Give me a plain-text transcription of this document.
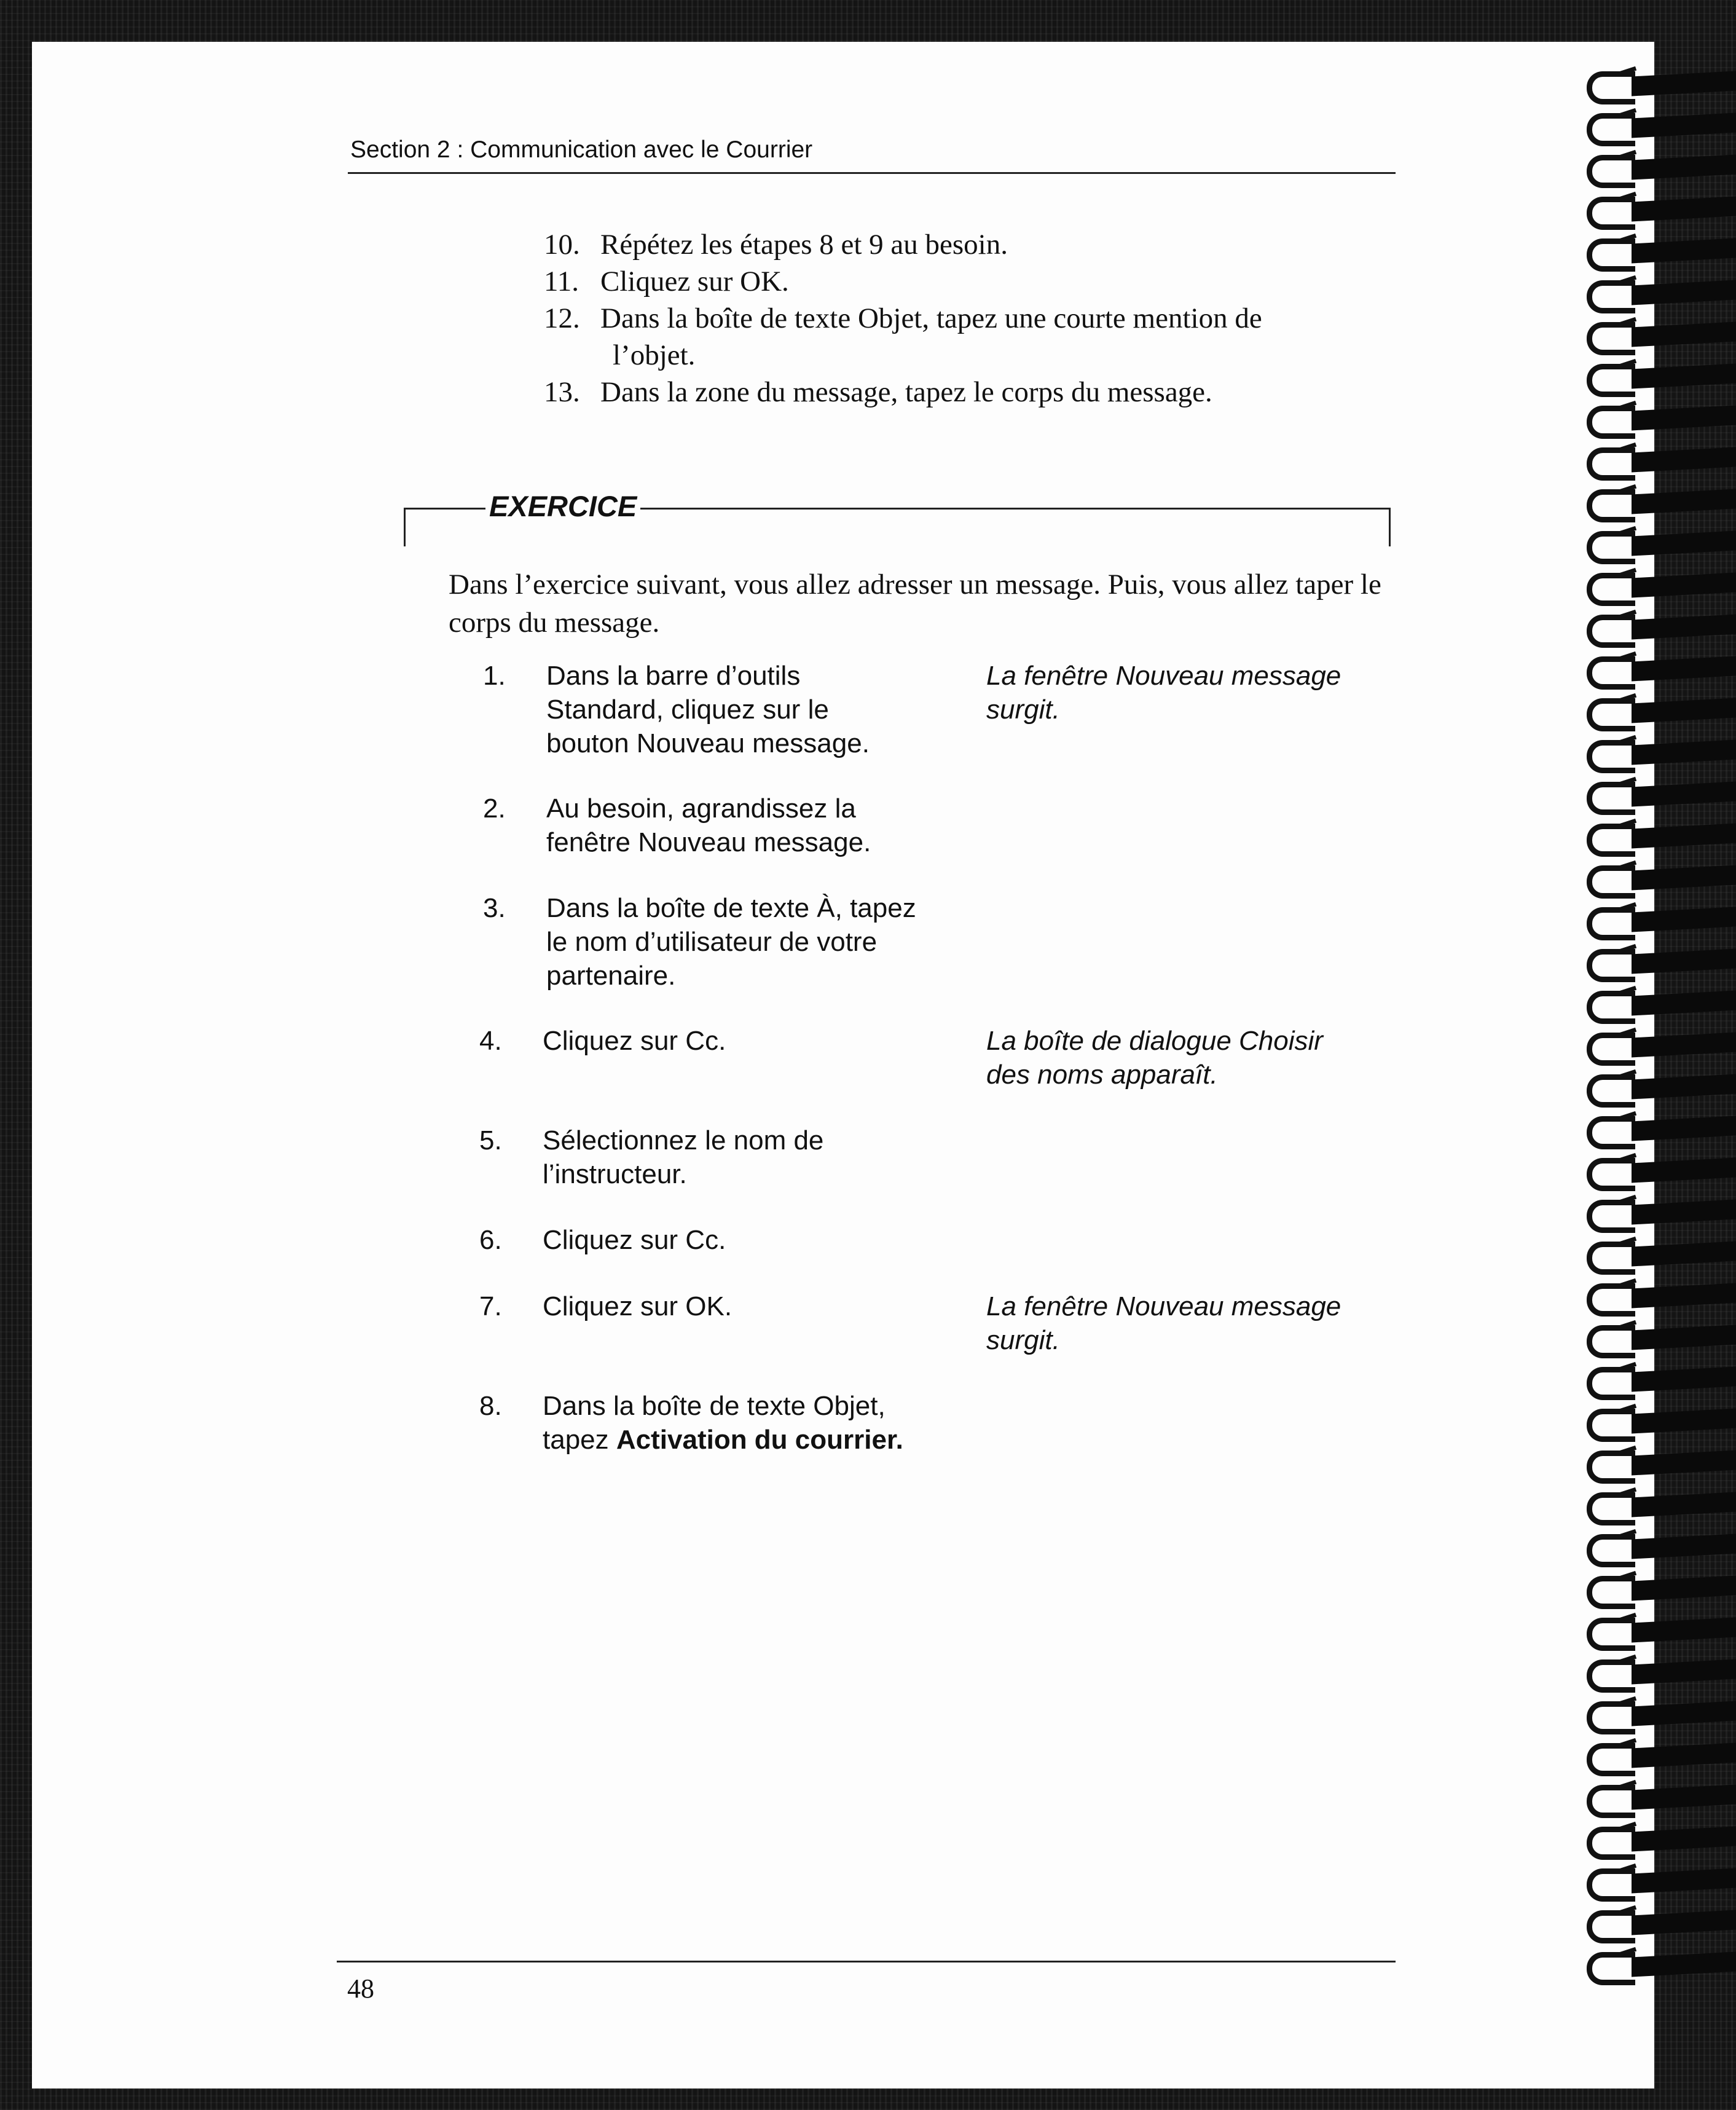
Section 2 : Communication avec le Courrier
10. Répétez les étapes 8 et 9 au besoin.
11. Cliquez sur OK.
12. Dans la boîte de texte Objet, tapez une courte mention de
l’objet.
13. Dans la zone du message, tapez le corps du message.
EXERCICE
Dans l’exercice suivant, vous allez adresser un message. Puis, vous allez taper le corps du message.
1. Dans la barre d’outils
Standard, cliquez sur le
bouton Nouveau message.
La fenêtre Nouveau message
surgit.
2. Au besoin, agrandissez la
fenêtre Nouveau message.
3. Dans la boîte de texte À, tapez
le nom d’utilisateur de votre
partenaire.
4. Cliquez sur Cc.	La boîte de dialogue Choisir
des noms apparaît.
5. Sélectionnez le nom de
l’instructeur.
6. Cliquez sur Cc.
7. Cliquez sur OK.	La fenêtre Nouveau message
surgit.
8. Dans la boîte de texte Objet,
tapez Activation du courrier.
48
